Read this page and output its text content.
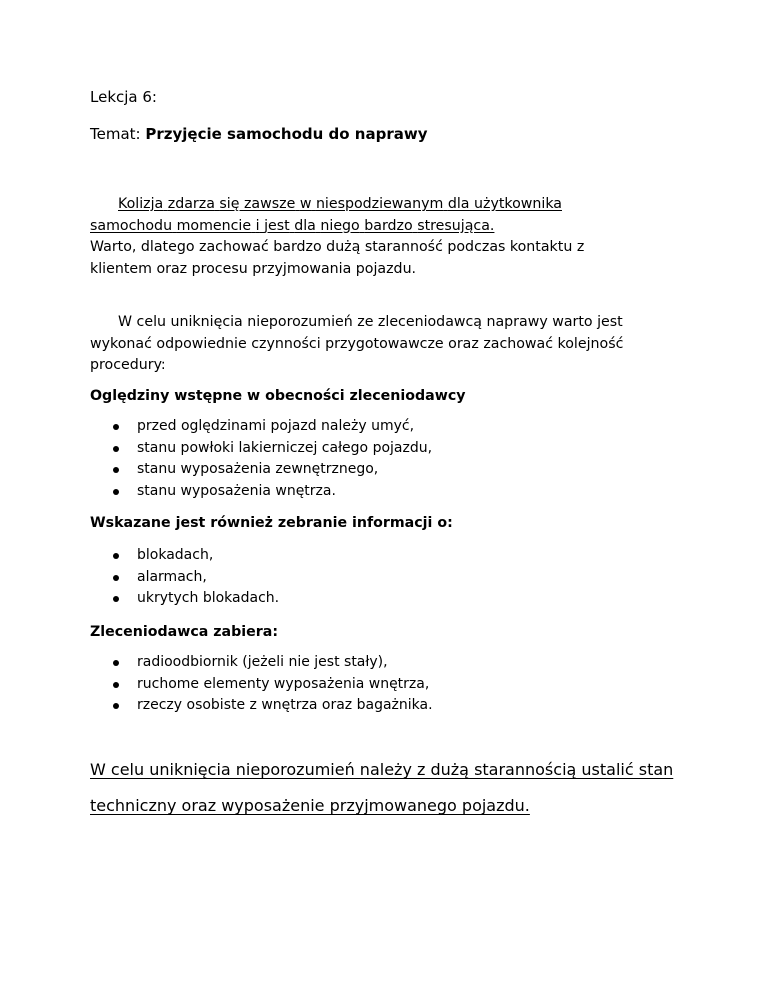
Lekcja 6:
Temat: Przyjęcie samochodu do naprawy
Kolizja zdarza się zawsze w niespodziewanym dla użytkownika
samochodu momencie i jest dla niego bardzo stresująca.
Warto, dlatego zachować bardzo dużą staranność podczas kontaktu z
klientem oraz procesu przyjmowania pojazdu.
W celu uniknięcia nieporozumień ze zleceniodawcą naprawy warto jest
wykonać odpowiednie czynności przygotowawcze oraz zachować kolejność
procedury:
Oględziny wstępne w obecności zleceniodawcy
przed oględzinami pojazd należy umyć,
stanu powłoki lakierniczej całego pojazdu,
stanu wyposażenia zewnętrznego,
stanu wyposażenia wnętrza.
Wskazane jest również zebranie informacji o:
blokadach,
alarmach,
ukrytych blokadach.
Zleceniodawca zabiera:
radioodbiornik (jeżeli nie jest stały),
ruchome elementy wyposażenia wnętrza,
rzeczy osobiste z wnętrza oraz bagażnika.
W celu uniknięcia nieporozumień należy z dużą starannością ustalić stan
techniczny oraz wyposażenie przyjmowanego pojazdu.
